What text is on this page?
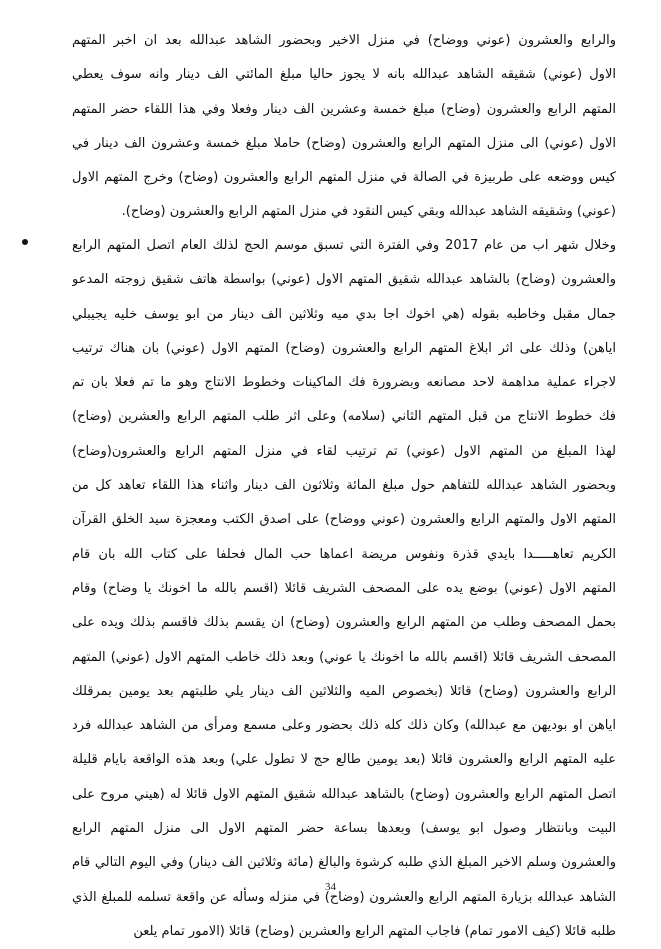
والرابع والعشرون (عوني ووضاح) في منزل الاخير وبحضور الشاهد عبدالله بعد ان اخبر المتهم
الاول (عوني) شقيقه الشاهد عبدالله بانه لا يجوز حاليا مبلغ المائتي الف دينار وانه سوف يعطي
المتهم الرابع والعشرون (وضاح) مبلغ خمسة وعشرين الف دينار وفعلا وفي هذا اللقاء حضر المتهم
الاول (عوني) الى منزل المتهم الرابع والعشرون (وضاح) حاملا مبلغ خمسة وعشرون الف دينار في
كيس ووضعه على طربيزة في الصالة في منزل المتهم الرابع والعشرون (وضاح) وخرج المتهم الاول
(عوني) وشقيقه الشاهد عبدالله وبقي كيس النقود في منزل المتهم الرابع والعشرون (وضاح).
وخلال شهر اب من عام 2017 وفي الفترة التي تسبق موسم الحج لذلك العام اتصل المتهم الرابع
والعشرون (وضاح) بالشاهد عبدالله شقيق المتهم الاول (عوني) بواسطة هاتف شقيق زوجته المدعو
جمال مقبل وخاطبه بقوله (هي اخوك اجا بدي ميه وثلاثين الف دينار من ابو يوسف خليه يجيبلي
اياهن) وذلك على اثر ابلاغ المتهم الرابع والعشرون (وضاح) المتهم الاول (عوني) بان هناك ترتيب
لاجراء عملية مداهمة لاحد مصانعه وبضرورة فك الماكينات وخطوط الانتاج وهو ما تم فعلا بان تم
فك خطوط الانتاج من قبل المتهم الثاني (سلامه) وعلى اثر طلب المتهم الرابع والعشرين (وضاح)
لهذا المبلغ من المتهم الاول (عوني) تم ترتيب لقاء في منزل المتهم الرابع والعشرون(وضاح)
وبحضور الشاهد عبدالله للتفاهم حول مبلغ المائة وثلاثون الف دينار واثناء هذا اللقاء تعاهد كل من
المتهم الاول والمتهم الرابع والعشرون (عوني ووضاح) على اصدق الكتب ومعجزة سيد الخلق القرآن
الكريم تعاهـــــدا بايدي قذرة ونفوس مريضة اعماها حب المال فحلفا على كتاب الله بان قام
المتهم الاول (عوني) بوضع يده على المصحف الشريف قائلا (اقسم بالله ما اخونك يا وضاح) وقام
بحمل المصحف وطلب من المتهم الرابع والعشرون (وضاح) ان يقسم بذلك فاقسم بذلك ويده على
المصحف الشريف قائلا (اقسم بالله ما اخونك يا عوني) وبعد ذلك خاطب المتهم الاول (عوني) المتهم
الرابع والعشرون (وضاح) قائلا (بخصوص الميه والثلاثين الف دينار يلي طلبتهم بعد يومين بمرقلك
اياهن او بوديهن مع عبدالله) وكان ذلك كله ذلك بحضور وعلى مسمع ومرأى من الشاهد عبدالله فرد
عليه المتهم الرابع والعشرون قائلا (بعد يومين طالع حج لا تطول علي) وبعد هذه الواقعة بايام قليلة
اتصل المتهم الرابع والعشرون (وضاح) بالشاهد عبدالله شقيق المتهم الاول قائلا له (هيني مروح على
البيت وبانتظار وصول ابو يوسف) وبعدها بساعة حضر المتهم الاول الى منزل المتهم الرابع
والعشرون وسلم الاخير المبلغ الذي طلبه كرشوة والبالغ (مائة وثلاثين الف دينار) وفي اليوم التالي قام
الشاهد عبدالله بزيارة المتهم الرابع والعشرون (وضاح) في منزله وسأله عن واقعة تسلمه للمبلغ الذي
طلبه قائلا (كيف الامور تمام) فاجاب المتهم الرابع والعشرين (وضاح) قائلا (الامور تمام يلعن
34
